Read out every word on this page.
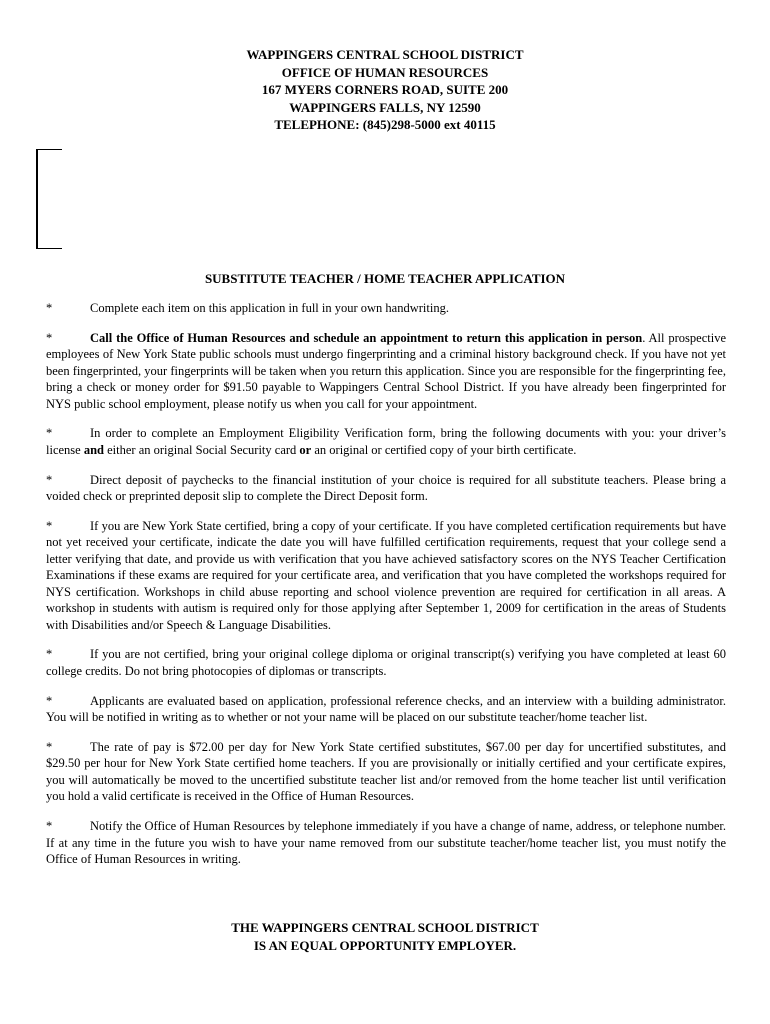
WAPPINGERS CENTRAL SCHOOL DISTRICT
OFFICE OF HUMAN RESOURCES
167 MYERS CORNERS ROAD, SUITE 200
WAPPINGERS FALLS, NY 12590
TELEPHONE: (845)298-5000 ext 40115
SUBSTITUTE TEACHER / HOME TEACHER APPLICATION

*	Complete each item on this application in full in your own handwriting.

*	Call the Office of Human Resources and schedule an appointment to return this application in person. All prospective employees of New York State public schools must undergo fingerprinting and a criminal history background check. If you have not yet been fingerprinted, your fingerprints will be taken when you return this application. Since you are responsible for the fingerprinting fee, bring a check or money order for $91.50 payable to Wappingers Central School District. If you have already been fingerprinted for NYS public school employment, please notify us when you call for your appointment.

*	In order to complete an Employment Eligibility Verification form, bring the following documents with you: your driver’s license and either an original Social Security card or an original or certified copy of your birth certificate.

*	Direct deposit of paychecks to the financial institution of your choice is required for all substitute teachers. Please bring a voided check or preprinted deposit slip to complete the Direct Deposit form.

*	If you are New York State certified, bring a copy of your certificate. If you have completed certification requirements but have not yet received your certificate, indicate the date you will have fulfilled certification requirements, request that your college send a letter verifying that date, and provide us with verification that you have achieved satisfactory scores on the NYS Teacher Certification Examinations if these exams are required for your certificate area, and verification that you have completed the workshops required for NYS certification. Workshops in child abuse reporting and school violence prevention are required for certification in all areas. A workshop in students with autism is required only for those applying after September 1, 2009 for certification in the areas of Students with Disabilities and/or Speech & Language Disabilities.

*	If you are not certified, bring your original college diploma or original transcript(s) verifying you have completed at least 60 college credits. Do not bring photocopies of diplomas or transcripts.

*	Applicants are evaluated based on application, professional reference checks, and an interview with a building administrator. You will be notified in writing as to whether or not your name will be placed on our substitute teacher/home teacher list.

*	The rate of pay is $72.00 per day for New York State certified substitutes, $67.00 per day for uncertified substitutes, and $29.50 per hour for New York State certified home teachers. If you are provisionally or initially certified and your certificate expires, you will automatically be moved to the uncertified substitute teacher list and/or removed from the home teacher list until verification you hold a valid certificate is received in the Office of Human Resources.

*	Notify the Office of Human Resources by telephone immediately if you have a change of name, address, or telephone number. If at any time in the future you wish to have your name removed from our substitute teacher/home teacher list, you must notify the Office of Human Resources in writing.

THE WAPPINGERS CENTRAL SCHOOL DISTRICT
IS AN EQUAL OPPORTUNITY EMPLOYER.
